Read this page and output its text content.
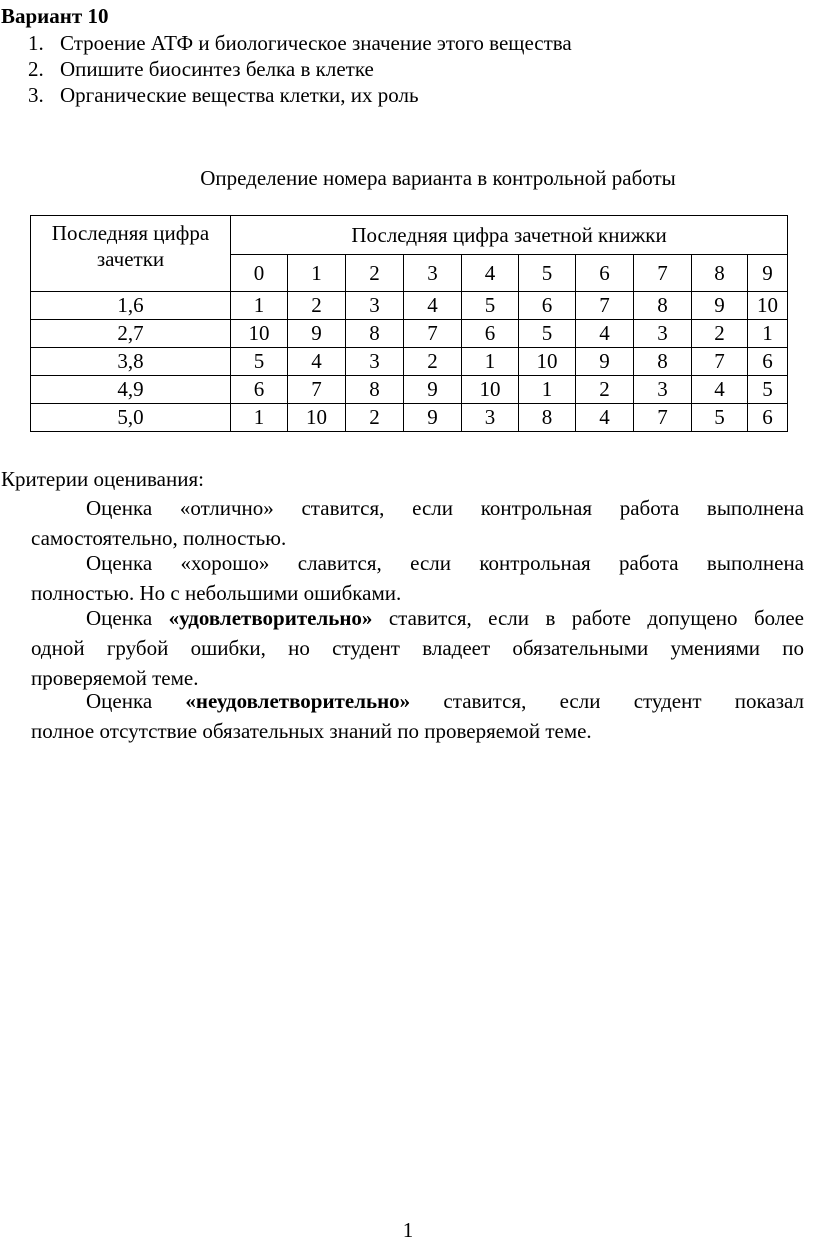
Вариант 10
1. Строение АТФ и биологическое значение этого вещества
2. Опишите биосинтез белка в клетке
3. Органические вещества клетки, их роль
Определение номера варианта в контрольной работы
Последняя цифра зачетки	Последняя цифра зачетной книжки									
	0	1	2	3	4	5	6	7	8	9
1,6	1	2	3	4	5	6	7	8	9	10
2,7	10	9	8	7	6	5	4	3	2	1
3,8	5	4	3	2	1	10	9	8	7	6
4,9	6	7	8	9	10	1	2	3	4	5
5,0	1	10	2	9	3	8	4	7	5	6
Критерии оценивания:
Оценка «отлично» ставится, если контрольная работа выполнена
самостоятельно, полностью.
Оценка «хорошо» славится, если контрольная работа выполнена
полностью. Но с небольшими ошибками.
Оценка «удовлетворительно» ставится, если в работе допущено более
одной грубой ошибки, но студент владеет обязательными умениями по
проверяемой теме.
Оценка «неудовлетворительно» ставится, если студент показал
полное отсутствие обязательных знаний по проверяемой теме.
1
